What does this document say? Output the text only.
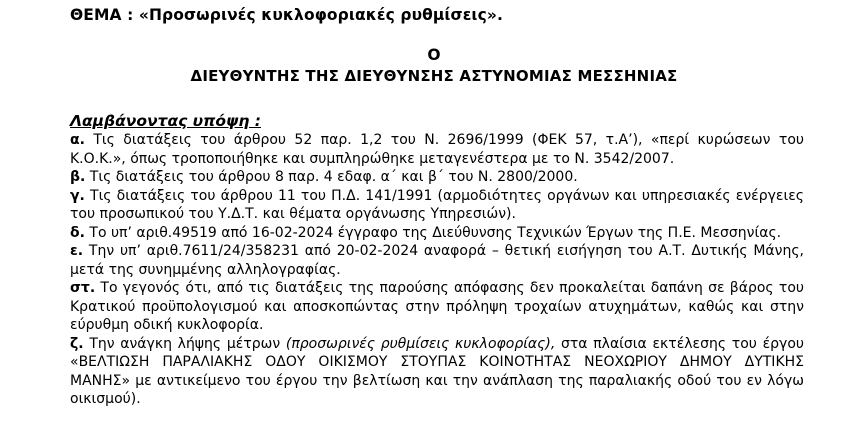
ΘΕΜΑ : «Προσωρινές κυκλοφοριακές ρυθμίσεις».
Ο
ΔΙΕΥΘΥΝΤΗΣ ΤΗΣ ΔΙΕΥΘΥΝΣΗΣ ΑΣΤΥΝΟΜΙΑΣ ΜΕΣΣΗΝΙΑΣ
Λαμβάνοντας υπόψη :
α. Τις διατάξεις του άρθρου 52 παρ. 1,2 του Ν. 2696/1999 (ΦΕΚ 57, τ.Α’), «περί κυρώσεων του
Κ.Ο.Κ.», όπως τροποποιήθηκε και συμπληρώθηκε μεταγενέστερα με το Ν. 3542/2007.
β. Τις διατάξεις του άρθρου 8 παρ. 4 εδαφ. α΄ και β΄ του Ν. 2800/2000.
γ. Τις διατάξεις του άρθρου 11 του Π.Δ. 141/1991 (αρμοδιότητες οργάνων και υπηρεσιακές ενέργειες
του προσωπικού του Υ.Δ.Τ. και θέματα οργάνωσης Υπηρεσιών).
δ. Το υπ’ αριθ.49519 από 16-02-2024 έγγραφο της Διεύθυνσης Τεχνικών Έργων της Π.Ε. Μεσσηνίας.
ε. Την υπ’ αριθ.7611/24/358231 από 20-02-2024 αναφορά – θετική εισήγηση του Α.Τ. Δυτικής Μάνης,
μετά της συνημμένης αλληλογραφίας.
στ. Το γεγονός ότι, από τις διατάξεις της παρούσης απόφασης δεν προκαλείται δαπάνη σε βάρος του
Κρατικού προϋπολογισμού και αποσκοπώντας στην πρόληψη τροχαίων ατυχημάτων, καθώς και στην
εύρυθμη οδική κυκλοφορία.
ζ. Την ανάγκη λήψης μέτρων (προσωρινές ρυθμίσεις κυκλοφορίας), στα πλαίσια εκτέλεσης του έργου
«ΒΕΛΤΙΩΣΗ ΠΑΡΑΛΙΑΚΗΣ ΟΔΟΥ ΟΙΚΙΣΜΟΥ ΣΤΟΥΠΑΣ ΚΟΙΝΟΤΗΤΑΣ ΝΕΟΧΩΡΙΟΥ ΔΗΜΟΥ ΔΥΤΙΚΗΣ
ΜΑΝΗΣ» με αντικείμενο του έργου την βελτίωση και την ανάπλαση της παραλιακής οδού του εν λόγω
οικισμού).
